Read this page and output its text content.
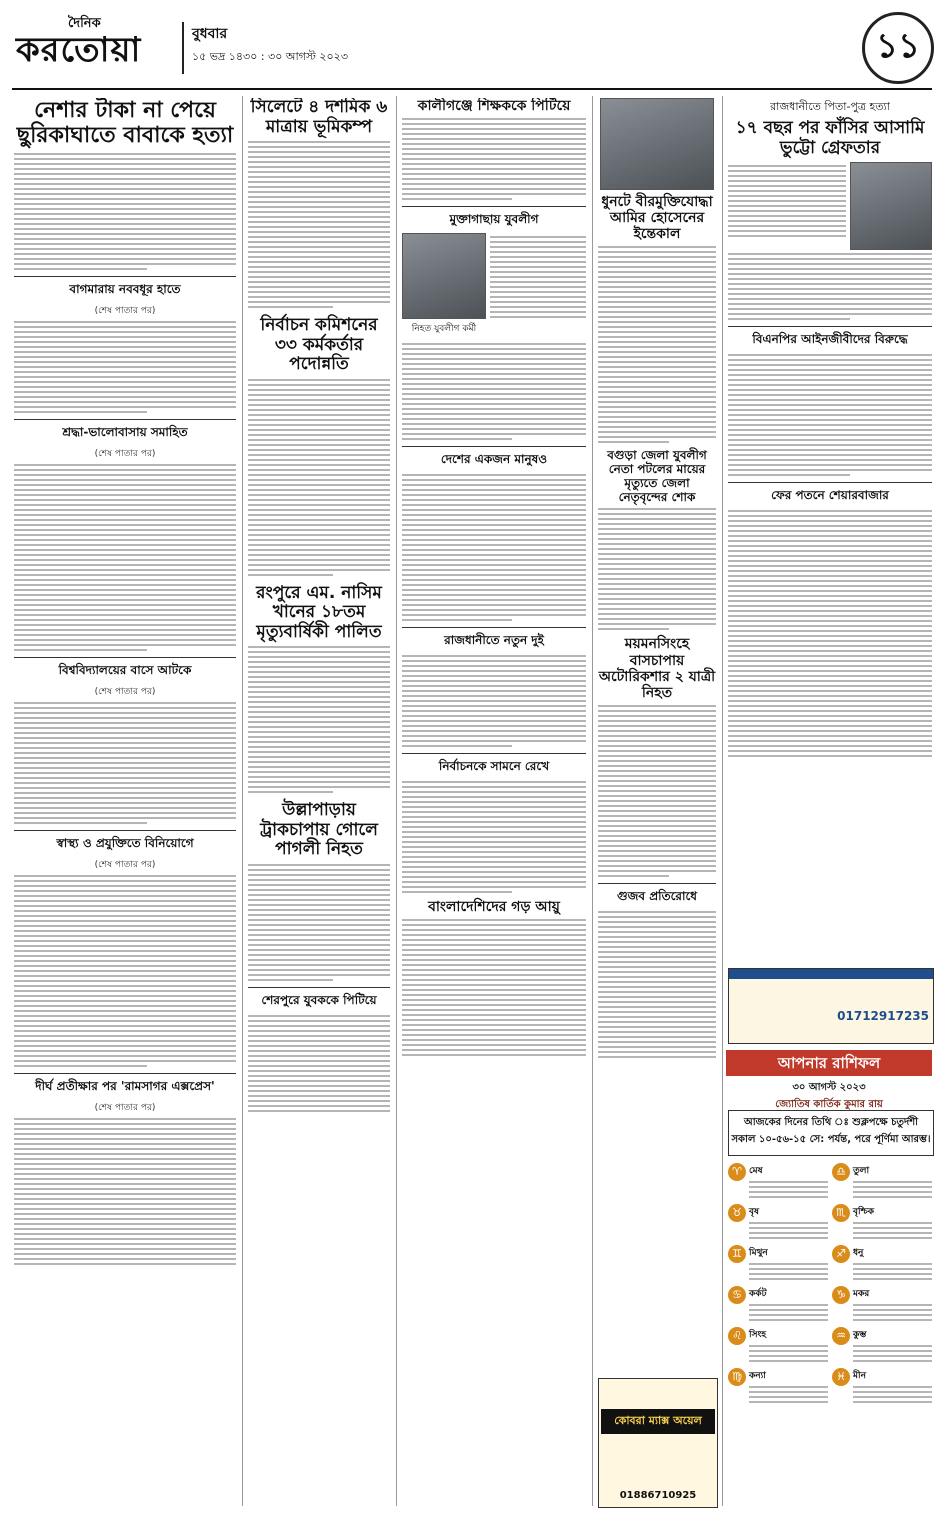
দৈনিক
করতোয়া	বুধবার
১৫ ভদ্র ১৪৩০ : ৩০ আগস্ট ২০২৩	১১
নেশার টাকা না পেয়ে ছুরিকাঘাতে বাবাকে হত্যা
বাগমারায় নববধূর হাতে
(শেষ পাতার পর)
শ্রদ্ধা-ভালোবাসায় সমাহিত
(শেষ পাতার পর)
বিশ্ববিদ্যালয়ের বাসে আটকে
(শেষ পাতার পর)
স্বাস্থ্য ও প্রযুক্তিতে বিনিয়োগে
(শেষ পাতার পর)
দীর্ঘ প্রতীক্ষার পর 'রামসাগর এক্সপ্রেস'
(শেষ পাতার পর)
সিলেটে ৪ দশমিক ৬ মাত্রায় ভূমিকম্প
নির্বাচন কমিশনের ৩৩ কর্মকর্তার পদোন্নতি
রংপুরে এম. নাসিম খানের ১৮তম মৃত্যুবার্ষিকী পালিত
উল্লাপাড়ায় ট্রাকচাপায় গোলে পাগলী নিহত
শেরপুরে যুবককে পিটিয়ে
কালীগঞ্জে শিক্ষককে পিটিয়ে
মুক্তাগাছায় যুবলীগ
নিহত যুবলীগ কর্মী
দেশের একজন মানুষও
রাজধানীতে নতুন দুই
নির্বাচনকে সামনে রেখে
বাংলাদেশিদের গড় আয়ু
ধুনটে বীরমুক্তিযোদ্ধা আমির হোসেনের ইন্তেকাল
বগুড়া জেলা যুবলীগ নেতা পটলের মায়ের মৃত্যুতে জেলা নেতৃবৃন্দের শোক
ময়মনসিংহে বাসচাপায় অটোরিকশার ২ যাত্রী নিহত
গুজব প্রতিরোধে
রাজধানীতে পিতা-পুত্র হত্যা
১৭ বছর পর ফাঁসির আসামি ভুট্টো গ্রেফতার
বিএনপির আইনজীবীদের বিরুদ্ধে
ফের পতনে শেয়ারবাজার
01712917235
কোবরা ম্যাক্স অয়েল
01886710925
আপনার রাশিফল
৩০ আগস্ট ২০২৩
জ্যোতিষ কার্তিক কুমার রায়
আজকের দিনের তিথি ঃ শুক্লপক্ষে চতুর্দশী
সকাল ১০-৫৬-১৫ সে: পর্যন্ত, পরে পূর্ণিমা আরম্ভ।
♈ মেষ
♉ বৃষ
♊ মিথুন
♋ কর্কট
♌ সিংহ
♍ কন্যা
♎ তুলা
♏ বৃশ্চিক
♐ ধনু
♑ মকর
♒ কুম্ভ
♓ মীন
